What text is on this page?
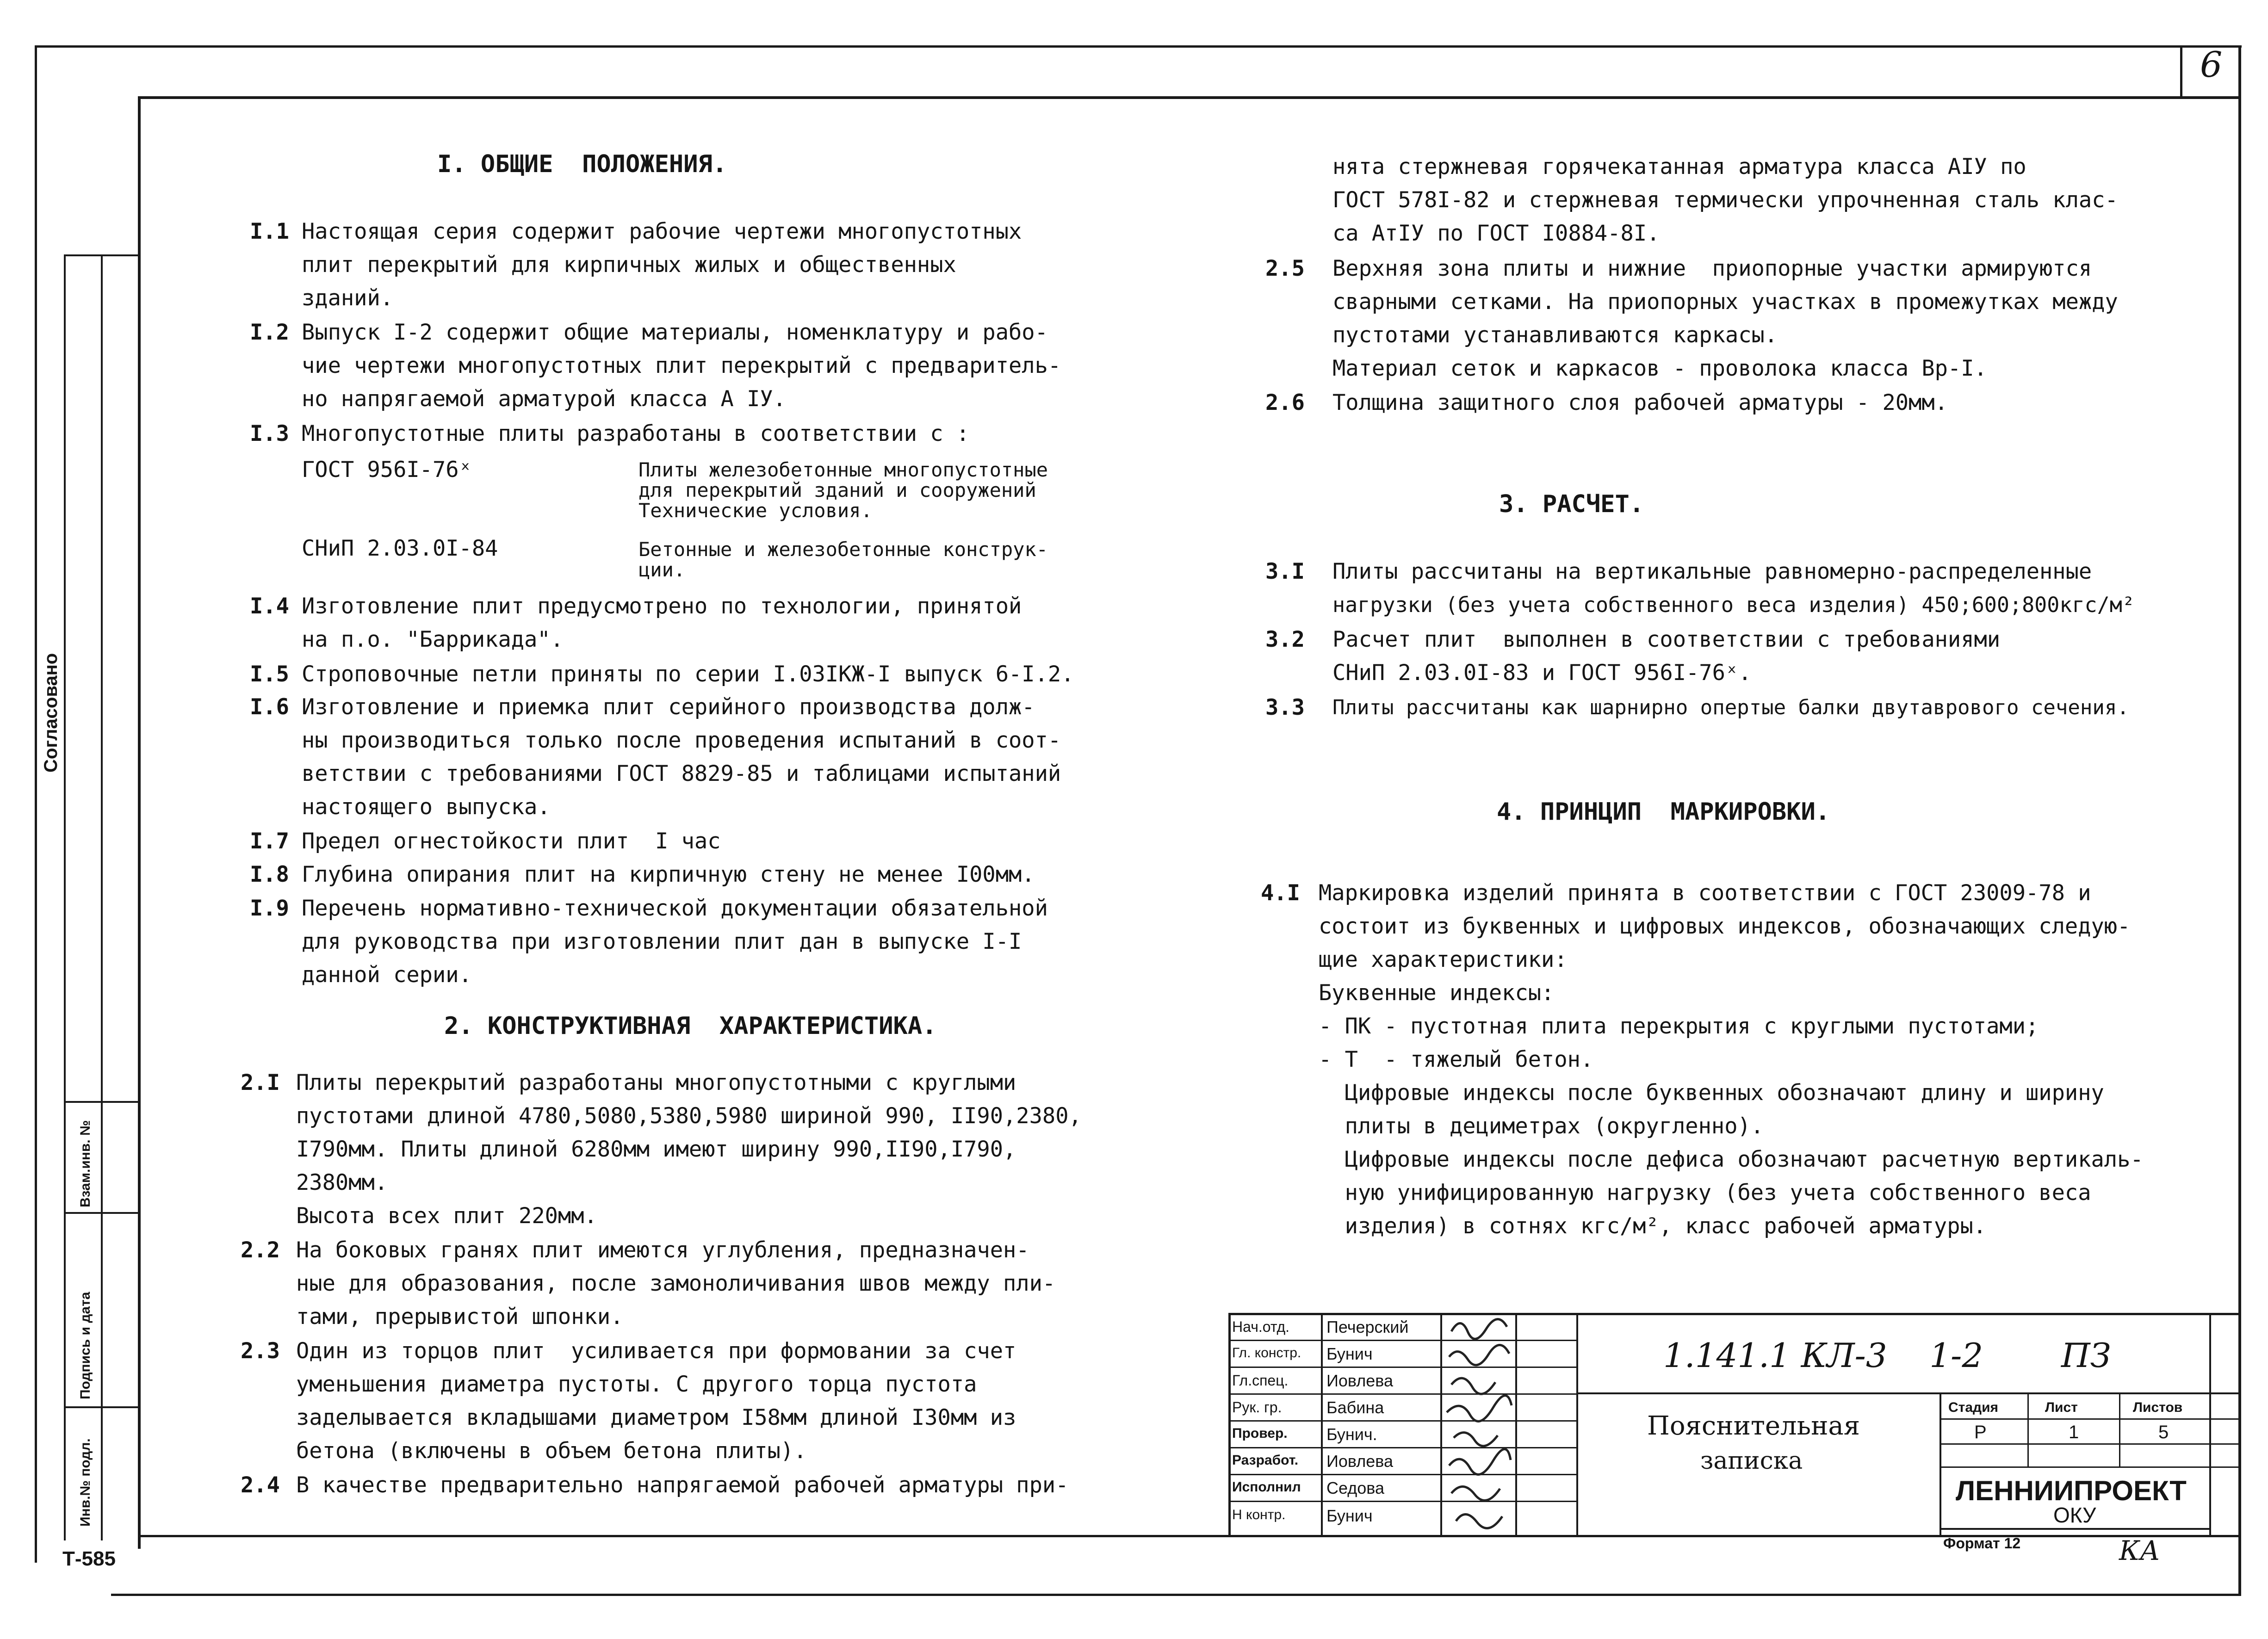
6
Согласовано
Взам.инв. №
Подпись и дата
Инв.№ подл.
Т-585
I. ОБЩИЕ  ПОЛОЖЕНИЯ.
I.1 Настоящая серия содержит рабочие чертежи многопустотных
плит перекрытий для кирпичных жилых и общественных
зданий.
I.2 Выпуск I-2 содержит общие материалы, номенклатуру и рабо-
чие чертежи многопустотных плит перекрытий с предваритель-
но напрягаемой арматурой класса А IУ.
I.3 Многопустотные плиты разработаны в соответствии с :
ГОСТ 956I-76ˣ	Плиты железобетонные многопустотные
для перекрытий зданий и сооружений
Технические условия.
СНиП 2.03.0I-84	Бетонные и железобетонные конструк-
ции.
I.4 Изготовление плит предусмотрено по технологии, принятой
на п.о. "Баррикада".
I.5 Строповочные петли приняты по серии I.03IКЖ-I выпуск 6-I.2.
I.6 Изготовление и приемка плит серийного производства долж-
ны производиться только после проведения испытаний в соот-
ветствии с требованиями ГОСТ 8829-85 и таблицами испытаний
настоящего выпуска.
I.7 Предел огнестойкости плит  I час
I.8 Глубина опирания плит на кирпичную стену не менее I00мм.
I.9 Перечень нормативно-технической документации обязательной
для руководства при изготовлении плит дан в выпуске I-I
данной серии.
2. КОНСТРУКТИВНАЯ  ХАРАКТЕРИСТИКА.
2.I Плиты перекрытий разработаны многопустотными с круглыми
пустотами длиной 4780,5080,5380,5980 шириной 990, II90,2380,
I790мм. Плиты длиной 6280мм имеют ширину 990,II90,I790,
2380мм.
Высота всех плит 220мм.
2.2 На боковых гранях плит имеются углубления, предназначен-
ные для образования, после замоноличивания швов между пли-
тами, прерывистой шпонки.
2.3 Один из торцов плит  усиливается при формовании за счет
уменьшения диаметра пустоты. С другого торца пустота
заделывается вкладышами диаметром I58мм длиной I30мм из
бетона (включены в объем бетона плиты).
2.4 В качестве предварительно напрягаемой рабочей арматуры при-
нята стержневая горячекатанная арматура класса АIУ по
ГОСТ 578I-82 и стержневая термически упрочненная сталь клас-
са АтIУ по ГОСТ I0884-8I.
2.5 Верхняя зона плиты и нижние  приопорные участки армируются
сварными сетками. На приопорных участках в промежутках между
пустотами устанавливаются каркасы.
Материал сеток и каркасов - проволока класса Вр-I.
2.6 Толщина защитного слоя рабочей арматуры - 20мм.
3. РАСЧЕТ.
3.I Плиты рассчитаны на вертикальные равномерно-распределенные
нагрузки (без учета собственного веса изделия) 450;600;800кгс/м²
3.2 Расчет плит  выполнен в соответствии с требованиями
СНиП 2.03.0I-83 и ГОСТ 956I-76ˣ.
3.3 Плиты рассчитаны как шарнирно опертые балки двутаврового сечения.
4. ПРИНЦИП  МАРКИРОВКИ.
4.I Маркировка изделий принята в соответствии с ГОСТ 23009-78 и
состоит из буквенных и цифровых индексов, обозначающих следую-
щие характеристики:
Буквенные индексы:
- ПК - пустотная плита перекрытия с круглыми пустотами;
- Т  - тяжелый бетон.
Цифровые индексы после буквенных обозначают длину и ширину
плиты в дециметрах (округленно).
Цифровые индексы после дефиса обозначают расчетную вертикаль-
ную унифицированную нагрузку (без учета собственного веса
изделия) в сотнях кгс/м², класс рабочей арматуры.
Нач.отд. Печерский
Гл. констр. Бунич
Гл.спец. Иовлева
Рук. гр.	Бабина
Провер. Бунич.
Разработ. Иовлева
Исполнил Седова
Н контр. Бунич
1.141.1 КЛ-3    1-2 ПЗ
Пояснительная
записка
Стадия	Лист	Листов
Р	1	5
ЛЕННИИПРОЕКТ
ОКУ
Формат 12	КА
